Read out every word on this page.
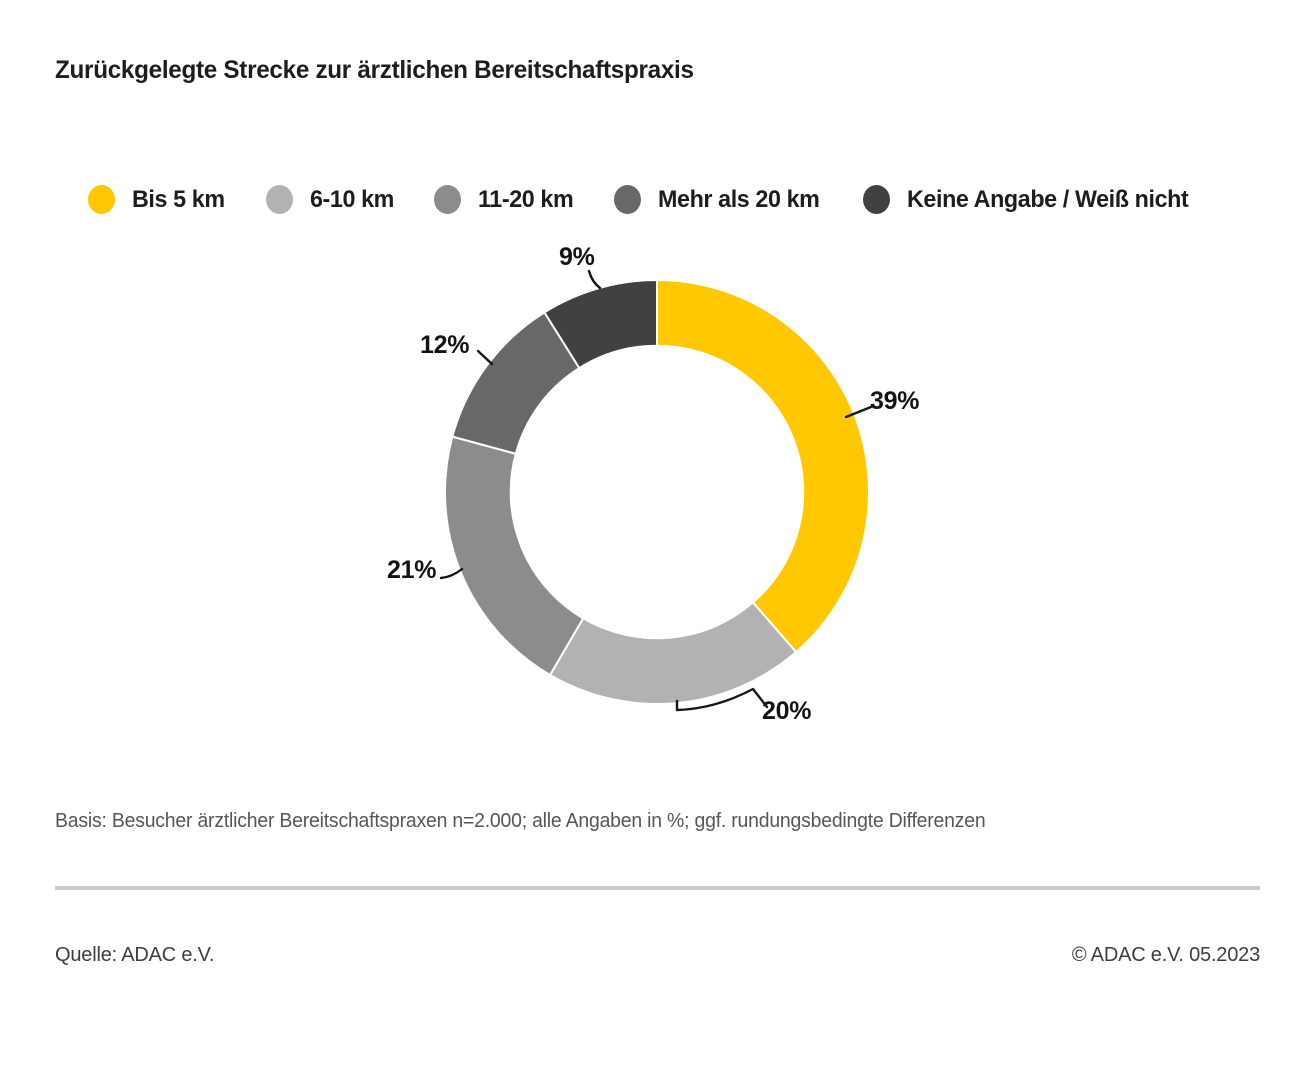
Zurückgelegte Strecke zur ärztlichen Bereitschaftspraxis
Bis 5 km	6-10 km	11-20 km	Mehr als 20 km	Keine Angabe / Weiß nicht
39%
20%
21%
12%
9%
Basis: Besucher ärztlicher Bereitschaftspraxen n=2.000; alle Angaben in %; ggf. rundungsbedingte Differenzen
Quelle: ADAC e.V.	© ADAC e.V. 05.2023
